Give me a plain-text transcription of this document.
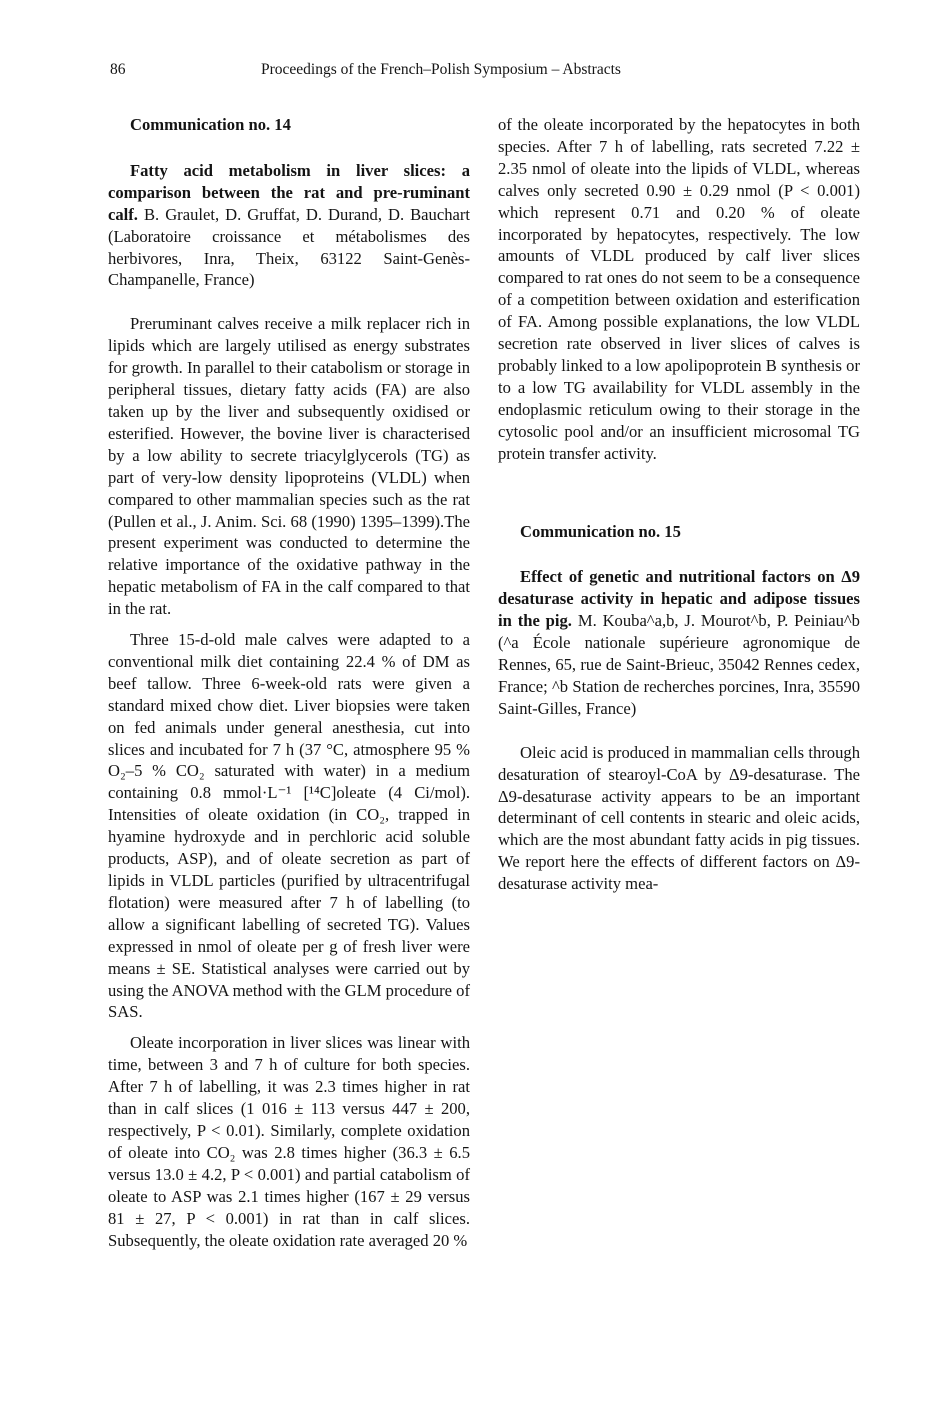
86	Proceedings of the French–Polish Symposium – Abstracts

Communication no. 14

Fatty acid metabolism in liver slices: a comparison between the rat and pre-ruminant calf. B. Graulet, D. Gruffat, D. Durand, D. Bauchart (Laboratoire croissance et métabolismes des herbivores, Inra, Theix, 63122 Saint-Genès-Champanelle, France)

Preruminant calves receive a milk replacer rich in lipids which are largely utilised as energy substrates for growth. In parallel to their catabolism or storage in peripheral tissues, dietary fatty acids (FA) are also taken up by the liver and subsequently oxidised or esterified. However, the bovine liver is characterised by a low ability to secrete triacylglycerols (TG) as part of very-low density lipoproteins (VLDL) when compared to other mammalian species such as the rat (Pullen et al., J. Anim. Sci. 68 (1990) 1395–1399).The present experiment was conducted to determine the relative importance of the oxidative pathway in the hepatic metabolism of FA in the calf compared to that in the rat.

Three 15-d-old male calves were adapted to a conventional milk diet containing 22.4 % of DM as beef tallow. Three 6-week-old rats were given a standard mixed chow diet. Liver biopsies were taken on fed animals under general anesthesia, cut into slices and incubated for 7 h (37 °C, atmosphere 95 % O₂–5 % CO₂ saturated with water) in a medium containing 0.8 mmol·L⁻¹ [¹⁴C]oleate (4 Ci/mol). Intensities of oleate oxidation (in CO₂, trapped in hyamine hydroxyde and in perchloric acid soluble products, ASP), and of oleate secretion as part of lipids in VLDL particles (purified by ultracentrifugal flotation) were measured after 7 h of labelling (to allow a significant labelling of secreted TG). Values expressed in nmol of oleate per g of fresh liver were means ± SE. Statistical analyses were carried out by using the ANOVA method with the GLM procedure of SAS.

Oleate incorporation in liver slices was linear with time, between 3 and 7 h of culture for both species. After 7 h of labelling, it was 2.3 times higher in rat than in calf slices (1 016 ± 113 versus 447 ± 200, respectively, P < 0.01). Similarly, complete oxidation of oleate into CO₂ was 2.8 times higher (36.3 ± 6.5 versus 13.0 ± 4.2, P < 0.001) and partial catabolism of oleate to ASP was 2.1 times higher (167 ± 29 versus 81 ± 27, P < 0.001) in rat than in calf slices. Subsequently, the oleate oxidation rate averaged 20 %

of the oleate incorporated by the hepatocytes in both species. After 7 h of labelling, rats secreted 7.22 ± 2.35 nmol of oleate into the lipids of VLDL, whereas calves only secreted 0.90 ± 0.29 nmol (P < 0.001) which represent 0.71 and 0.20 % of oleate incorporated by hepatocytes, respectively. The low amounts of VLDL produced by calf liver slices compared to rat ones do not seem to be a consequence of a competition between oxidation and esterification of FA. Among possible explanations, the low VLDL secretion rate observed in liver slices of calves is probably linked to a low apolipoprotein B synthesis or to a low TG availability for VLDL assembly in the endoplasmic reticulum owing to their storage in the cytosolic pool and/or an insufficient microsomal TG protein transfer activity.

Communication no. 15

Effect of genetic and nutritional factors on Δ9 desaturase activity in hepatic and adipose tissues in the pig. M. Kouba^a,b, J. Mourot^b, P. Peiniau^b (^a École nationale supérieure agronomique de Rennes, 65, rue de Saint-Brieuc, 35042 Rennes cedex, France; ^b Station de recherches porcines, Inra, 35590 Saint-Gilles, France)

Oleic acid is produced in mammalian cells through desaturation of stearoyl-CoA by Δ9-desaturase. The Δ9-desaturase activity appears to be an important determinant of cell contents in stearic and oleic acids, which are the most abundant fatty acids in pig tissues. We report here the effects of different factors on Δ9-desaturase activity mea-
